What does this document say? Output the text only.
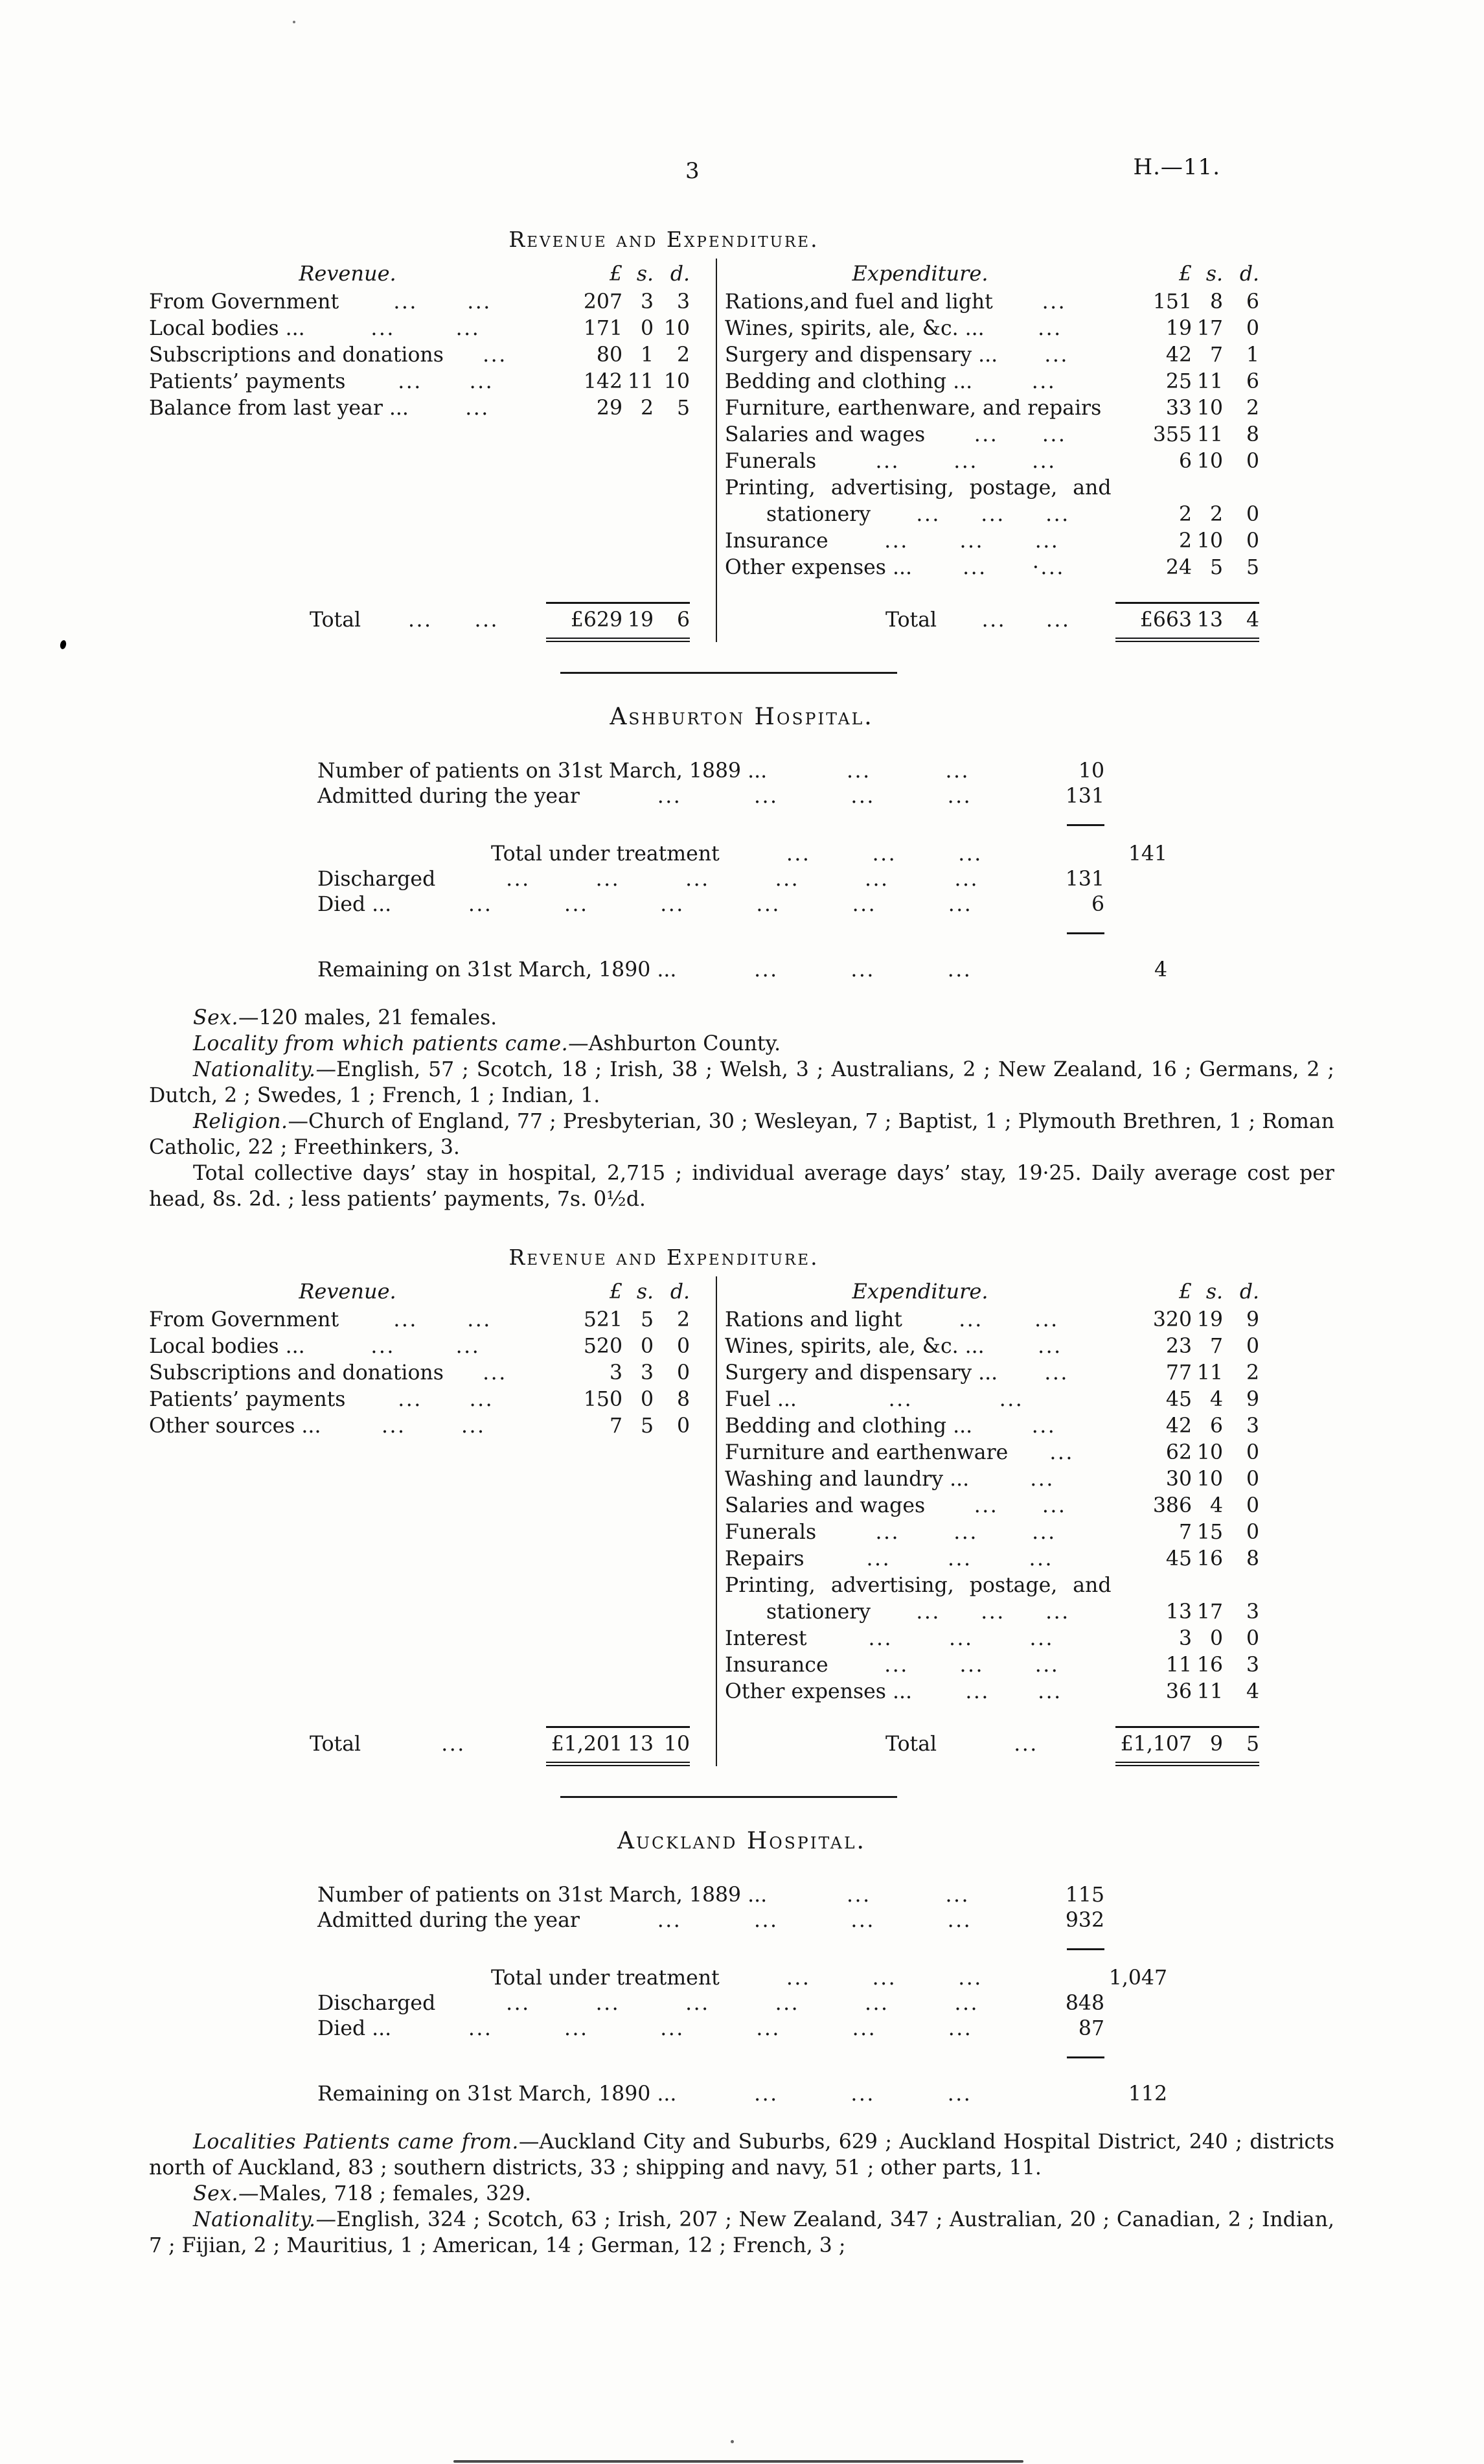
3	H.—11.
Revenue and Expenditure.
Revenue.	£ s. d.
From Government	... ...	207 3	3
Local bodies ...	...	...	171 0 10
Subscriptions and donations ...	80 1	2
Patients’ payments	... ...	142 11 10
Balance from last year ...	...	29 2	5
Total ... ...	£629 19	6
Expenditure.	£ s. d.
Rations,and fuel and light ...	151 8	6
Wines, spirits, ale, &c. ...	...	19 17	0
Surgery and dispensary ... ...	42 7	1
Bedding and clothing ...	...	25 11	6
Furniture, earthenware, and repairs	33 10	2
Salaries and wages ... ...	355 11	8
Funerals	...	...	...	6 10	0
Printing, advertising, postage, and
stationery ... ... ...	2 2	0
Insurance	... ... ...	2 10	0
Other expenses ... ... ·...	24 5	5
Total ... ...	£663 13	4
Ashburton Hospital.
Number of patients on 31st March, 1889 ...	...	...	10
Admitted during the year	...	...	...	...	131
Total under treatment	...	...	...	141
Discharged	...	...	...	...	...	...	131
Died ...	...	...	...	...	...	...	6
Remaining on 31st March, 1890 ...	...	...	...	4

Sex.—120 males, 21 females.

Locality from which patients came.—Ashburton County.

Nationality.—English, 57 ; Scotch, 18 ; Irish, 38 ; Welsh, 3 ; Australians, 2 ; New Zealand, 16 ; Germans, 2 ; Dutch, 2 ; Swedes, 1 ; French, 1 ; Indian, 1.

Religion.—Church of England, 77 ; Presbyterian, 30 ; Wesleyan, 7 ; Baptist, 1 ; Plymouth Brethren, 1 ; Roman Catholic, 22 ; Freethinkers, 3.

Total collective days’ stay in hospital, 2,715 ; individual average days’ stay, 19·25. Daily average cost per head, 8s. 2d. ; less patients’ payments, 7s. 0½d.

Revenue and Expenditure.
Revenue.	£ s. d.
From Government	... ...	521 5	2
Local bodies ...	...	...	520 0	0
Subscriptions and donations ...	3 3	0
Patients’ payments	... ...	150 0	8
Other sources ...	...	...	7 5	0
Total	...	£1,201 13 10
Expenditure.	£ s. d.
Rations and light	...	...	320 19	9
Wines, spirits, ale, &c. ...	...	23 7	0
Surgery and dispensary ... ...	77 11	2
Fuel ...	...	...	45 4	9
Bedding and clothing ...	...	42 6	3
Furniture and earthenware ...	62 10	0
Washing and laundry ...	...	30 10	0
Salaries and wages ... ...	386 4	0
Funerals	...	...	...	7 15	0
Repairs	...	...	...	45 16	8
Printing, advertising, postage, and
stationery ... ... ...	13 17	3
Interest	...	...	...	3 0	0
Insurance	... ... ...	11 16	3
Other expenses ...	... ...	36 11	4
Total	...	£1,107 9	5
Auckland Hospital.
Number of patients on 31st March, 1889 ...	...	...	115
Admitted during the year	...	...	...	...	932
Total under treatment	...	...	...	1,047
Discharged	...	...	...	...	...	...	848
Died ...	...	...	...	...	...	...	87
Remaining on 31st March, 1890 ...	...	...	...	112

Localities Patients came from.—Auckland City and Suburbs, 629 ; Auckland Hospital District, 240 ; districts north of Auckland, 83 ; southern districts, 33 ; shipping and navy, 51 ; other parts, 11.

Sex.—Males, 718 ; females, 329.

Nationality.—English, 324 ; Scotch, 63 ; Irish, 207 ; New Zealand, 347 ; Australian, 20 ; Canadian, 2 ; Indian, 7 ; Fijian, 2 ; Mauritius, 1 ; American, 14 ; German, 12 ; French, 3 ;
